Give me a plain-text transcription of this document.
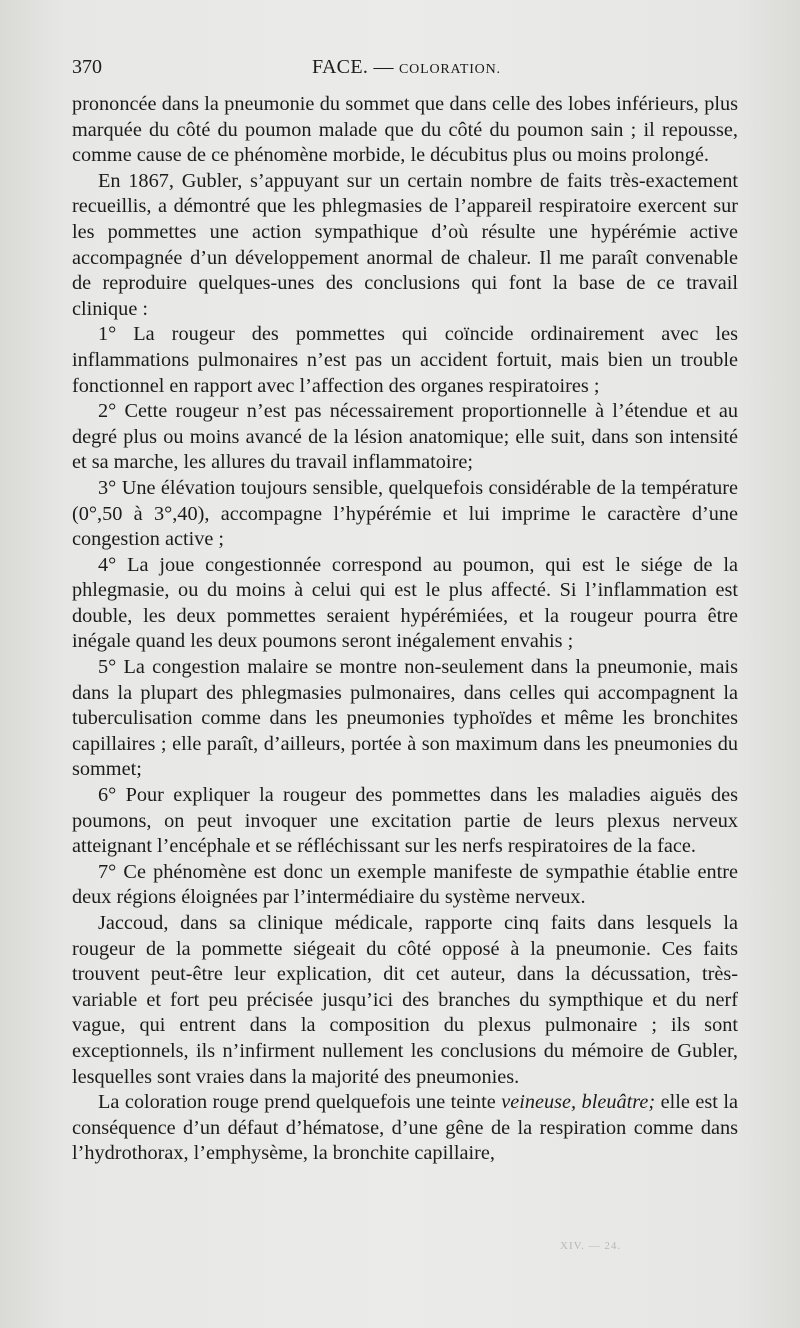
370	FACE. — COLORATION.

prononcée dans la pneumonie du sommet que dans celle des lobes inférieurs, plus marquée du côté du poumon malade que du côté du poumon sain ; il repousse, comme cause de ce phénomène morbide, le décubitus plus ou moins prolongé.

En 1867, Gubler, s’appuyant sur un certain nombre de faits très-exactement recueillis, a démontré que les phlegmasies de l’appareil respiratoire exercent sur les pommettes une action sympathique d’où résulte une hypérémie active accompagnée d’un développement anormal de chaleur. Il me paraît convenable de reproduire quelques-unes des conclusions qui font la base de ce travail clinique :

1° La rougeur des pommettes qui coïncide ordinairement avec les inflammations pulmonaires n’est pas un accident fortuit, mais bien un trouble fonctionnel en rapport avec l’affection des organes respiratoires ;

2° Cette rougeur n’est pas nécessairement proportionnelle à l’étendue et au degré plus ou moins avancé de la lésion anatomique; elle suit, dans son intensité et sa marche, les allures du travail inflammatoire;

3° Une élévation toujours sensible, quelquefois considérable de la température (0°,50 à 3°,40), accompagne l’hypérémie et lui imprime le caractère d’une congestion active ;

4° La joue congestionnée correspond au poumon, qui est le siége de la phlegmasie, ou du moins à celui qui est le plus affecté. Si l’inflammation est double, les deux pommettes seraient hypérémiées, et la rougeur pourra être inégale quand les deux poumons seront inégalement envahis ;

5° La congestion malaire se montre non-seulement dans la pneumonie, mais dans la plupart des phlegmasies pulmonaires, dans celles qui accompagnent la tuberculisation comme dans les pneumonies typhoïdes et même les bronchites capillaires ; elle paraît, d’ailleurs, portée à son maximum dans les pneumonies du sommet;

6° Pour expliquer la rougeur des pommettes dans les maladies aiguës des poumons, on peut invoquer une excitation partie de leurs plexus nerveux atteignant l’encéphale et se réfléchissant sur les nerfs respiratoires de la face.

7° Ce phénomène est donc un exemple manifeste de sympathie établie entre deux régions éloignées par l’intermédiaire du système nerveux.

Jaccoud, dans sa clinique médicale, rapporte cinq faits dans lesquels la rougeur de la pommette siégeait du côté opposé à la pneumonie. Ces faits trouvent peut-être leur explication, dit cet auteur, dans la décussation, très-variable et fort peu précisée jusqu’ici des branches du sympthique et du nerf vague, qui entrent dans la composition du plexus pulmonaire ; ils sont exceptionnels, ils n’infirment nullement les conclusions du mémoire de Gubler, lesquelles sont vraies dans la majorité des pneumonies.

La coloration rouge prend quelquefois une teinte veineuse, bleuâtre; elle est la conséquence d’un défaut d’hématose, d’une gêne de la respiration comme dans l’hydrothorax, l’emphysème, la bronchite capillaire,

XIV. — 24.
